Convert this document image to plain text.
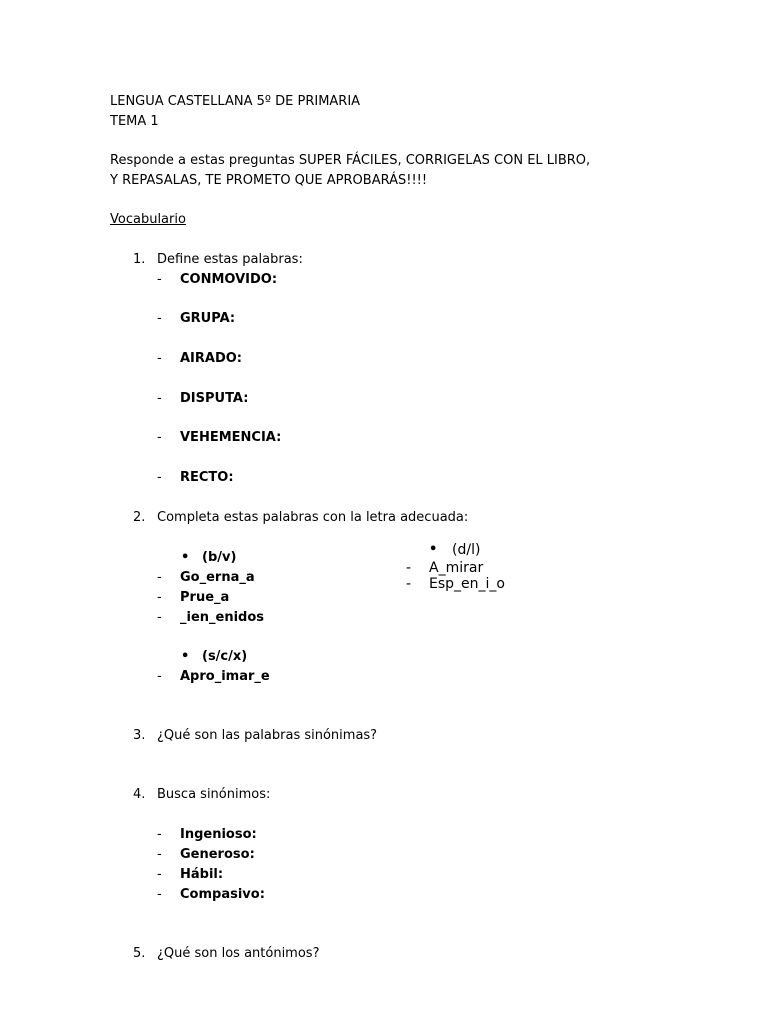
LENGUA CASTELLANA 5º DE PRIMARIA
TEMA 1
Responde a estas preguntas SUPER FÁCILES, CORRIGELAS CON EL LIBRO,
Y REPASALAS, TE PROMETO QUE APROBARÁS!!!!
Vocabulario
1. Define estas palabras:
- CONMOVIDO:
- GRUPA:
- AIRADO:
- DISPUTA:
- VEHEMENCIA:
- RECTO:
2. Completa estas palabras con la letra adecuada:
• (b/v)
- Go_erna_a
- Prue_a
- _ien_enidos
• (d/l)
- A_mirar
- Esp_en_i_o
• (s/c/x)
- Apro_imar_e
3. ¿Qué son las palabras sinónimas?
4. Busca sinónimos:
- Ingenioso:
- Generoso:
- Hábil:
- Compasivo:
5. ¿Qué son los antónimos?
